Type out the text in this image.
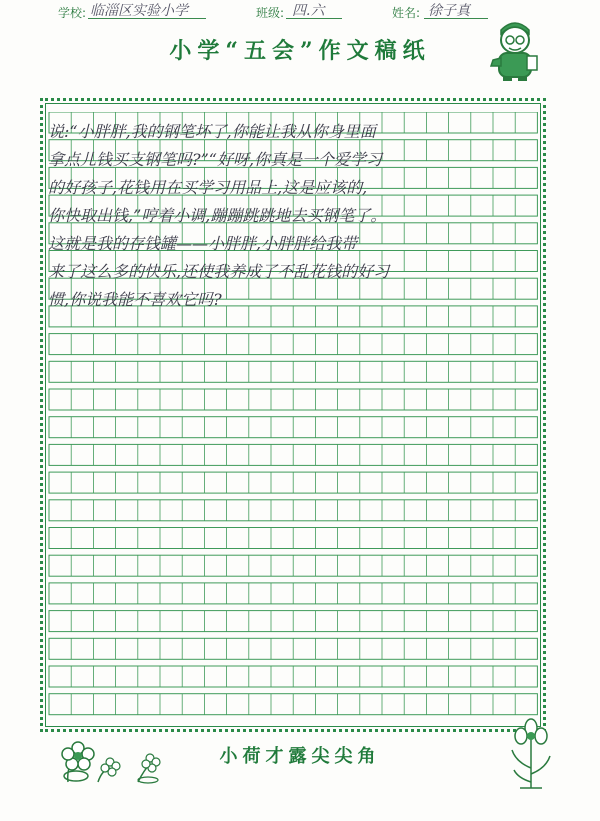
小学“五会”作文稿纸
学校: 临淄区实验小学	班级: 四.六	姓名: 徐子真
说:“小胖胖,我的钢笔坏了,你能让我从你身里面
拿点儿钱买支钢笔吗?”“好呀,你真是一个爱学习
的好孩子,花钱用在买学习用品上,这是应该的,
你快取出钱,”哼着小调,蹦蹦跳跳地去买钢笔了。
这就是我的存钱罐——小胖胖,小胖胖给我带
来了这么多的快乐,还使我养成了不乱花钱的好习
惯,你说我能不喜欢它吗?
小荷才露尖尖角
